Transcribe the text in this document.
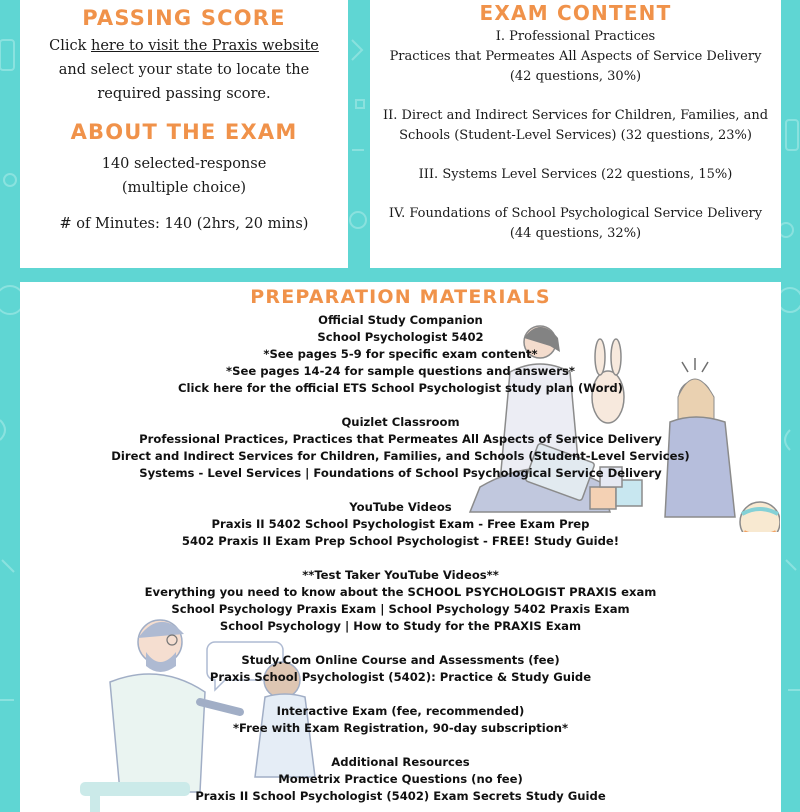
PASSING SCORE
Click here to visit the Praxis website
and select your state to locate the required passing score.
ABOUT THE EXAM
140 selected-response
(multiple choice)
# of Minutes: 140 (2hrs, 20 mins)
EXAM CONTENT
I. Professional Practices
Practices that Permeates All Aspects of Service Delivery
(42 questions, 30%)
II. Direct and Indirect Services for Children, Families, and
Schools (Student-Level Services) (32 questions, 23%)
III. Systems Level Services (22 questions, 15%)
IV. Foundations of School Psychological Service Delivery
(44 questions, 32%)
PREPARATION MATERIALS
Official Study Companion
School Psychologist 5402
*See pages 5-9 for specific exam content*
*See pages 14-24 for sample questions and answers*
Click here for the official ETS School Psychologist study plan (Word)
Quizlet Classroom
Professional Practices, Practices that Permeates All Aspects of Service Delivery
Direct and Indirect Services for Children, Families, and Schools (Student-Level Services)
Systems - Level Services | Foundations of School Psychological Service Delivery
YouTube Videos
Praxis II 5402 School Psychologist Exam - Free Exam Prep
5402 Praxis II Exam Prep School Psychologist - FREE! Study Guide!
**Test Taker YouTube Videos**
Everything you need to know about the SCHOOL PSYCHOLOGIST PRAXIS exam
School Psychology Praxis Exam | School Psychology 5402 Praxis Exam
School Psychology | How to Study for the PRAXIS Exam
Study.Com Online Course and Assessments (fee)
Praxis School Psychologist (5402): Practice & Study Guide
Interactive Exam (fee, recommended)
*Free with Exam Registration, 90-day subscription*
Additional Resources
Mometrix Practice Questions (no fee)
Praxis II School Psychologist (5402) Exam Secrets Study Guide
